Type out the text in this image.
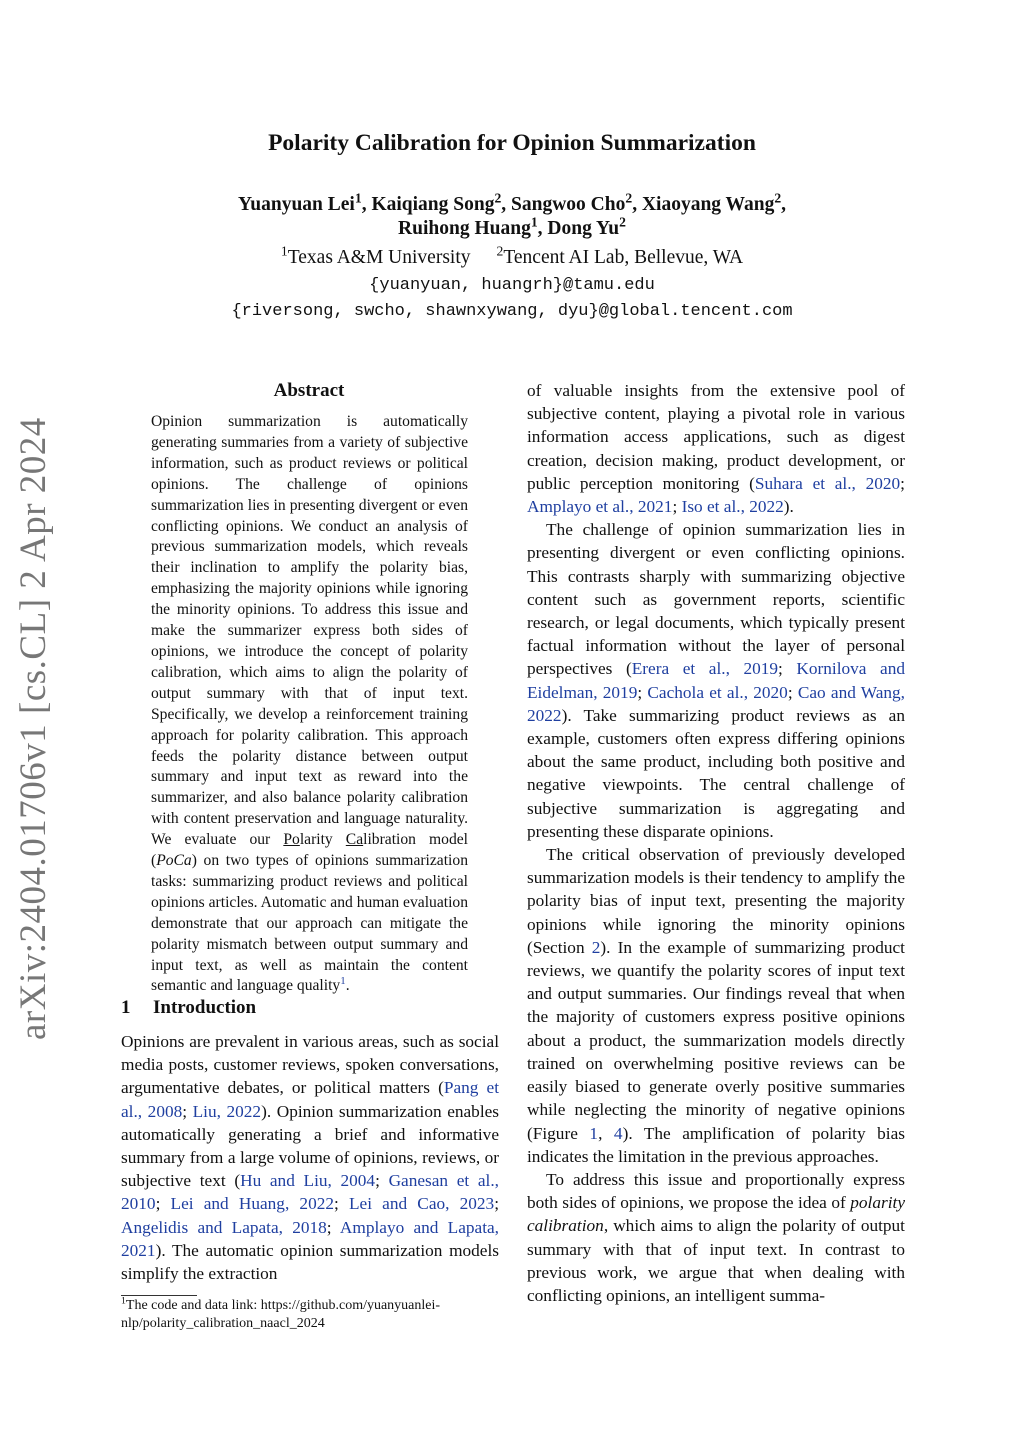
arXiv:2404.01706v1 [cs.CL] 2 Apr 2024
Polarity Calibration for Opinion Summarization
Yuanyuan Lei$^1$, Kaiqiang Song$^2$, Sangwoo Cho$^2$, Xiaoyang Wang$^2$,
Ruihong Huang$^1$, Dong Yu$^2$
$^1$Texas A&M University $^2$Tencent AI Lab, Bellevue, WA
{yuanyuan, huangrh}@tamu.edu
{riversong, swcho, shawnxywang, dyu}@global.tencent.com
Abstract

Opinion summarization is automatically generating summaries from a variety of subjective information, such as product reviews or political opinions. The challenge of opinions summarization lies in presenting divergent or even conflicting opinions. We conduct an analysis of previous summarization models, which reveals their inclination to amplify the polarity bias, emphasizing the majority opinions while ignoring the minority opinions. To address this issue and make the summarizer express both sides of opinions, we introduce the concept of polarity calibration, which aims to align the polarity of output summary with that of input text. Specifically, we develop a reinforcement training approach for polarity calibration. This approach feeds the polarity distance between output summary and input text as reward into the summarizer, and also balance polarity calibration with content preservation and language naturality. We evaluate our Polarity Calibration model (PoCa) on two types of opinions summarization tasks: summarizing product reviews and political opinions articles. Automatic and human evaluation demonstrate that our approach can mitigate the polarity mismatch between output summary and input text, as well as maintain the content semantic and language quality$^1$.

1 Introduction

Opinions are prevalent in various areas, such as social media posts, customer reviews, spoken conversations, argumentative debates, or political matters (Pang et al., 2008; Liu, 2022). Opinion summarization enables automatically generating a brief and informative summary from a large volume of opinions, reviews, or subjective text (Hu and Liu, 2004; Ganesan et al., 2010; Lei and Huang, 2022; Lei and Cao, 2023; Angelidis and Lapata, 2018; Amplayo and Lapata, 2021). The automatic opinion summarization models simplify the extraction

$^1$The code and data link: https://github.com/yuanyuanlei-nlp/polarity_calibration_naacl_2024

of valuable insights from the extensive pool of subjective content, playing a pivotal role in various information access applications, such as digest creation, decision making, product development, or public perception monitoring (Suhara et al., 2020; Amplayo et al., 2021; Iso et al., 2022).

The challenge of opinion summarization lies in presenting divergent or even conflicting opinions. This contrasts sharply with summarizing objective content such as government reports, scientific research, or legal documents, which typically present factual information without the layer of personal perspectives (Erera et al., 2019; Kornilova and Eidelman, 2019; Cachola et al., 2020; Cao and Wang, 2022). Take summarizing product reviews as an example, customers often express differing opinions about the same product, including both positive and negative viewpoints. The central challenge of subjective summarization is aggregating and presenting these disparate opinions.

The critical observation of previously developed summarization models is their tendency to amplify the polarity bias of input text, presenting the majority opinions while ignoring the minority opinions (Section 2). In the example of summarizing product reviews, we quantify the polarity scores of input text and output summaries. Our findings reveal that when the majority of customers express positive opinions about a product, the summarization models directly trained on overwhelming positive reviews can be easily biased to generate overly positive summaries while neglecting the minority of negative opinions (Figure 1, 4). The amplification of polarity bias indicates the limitation in the previous approaches.

To address this issue and proportionally express both sides of opinions, we propose the idea of polarity calibration, which aims to align the polarity of output summary with that of input text. In contrast to previous work, we argue that when dealing with conflicting opinions, an intelligent summa-
